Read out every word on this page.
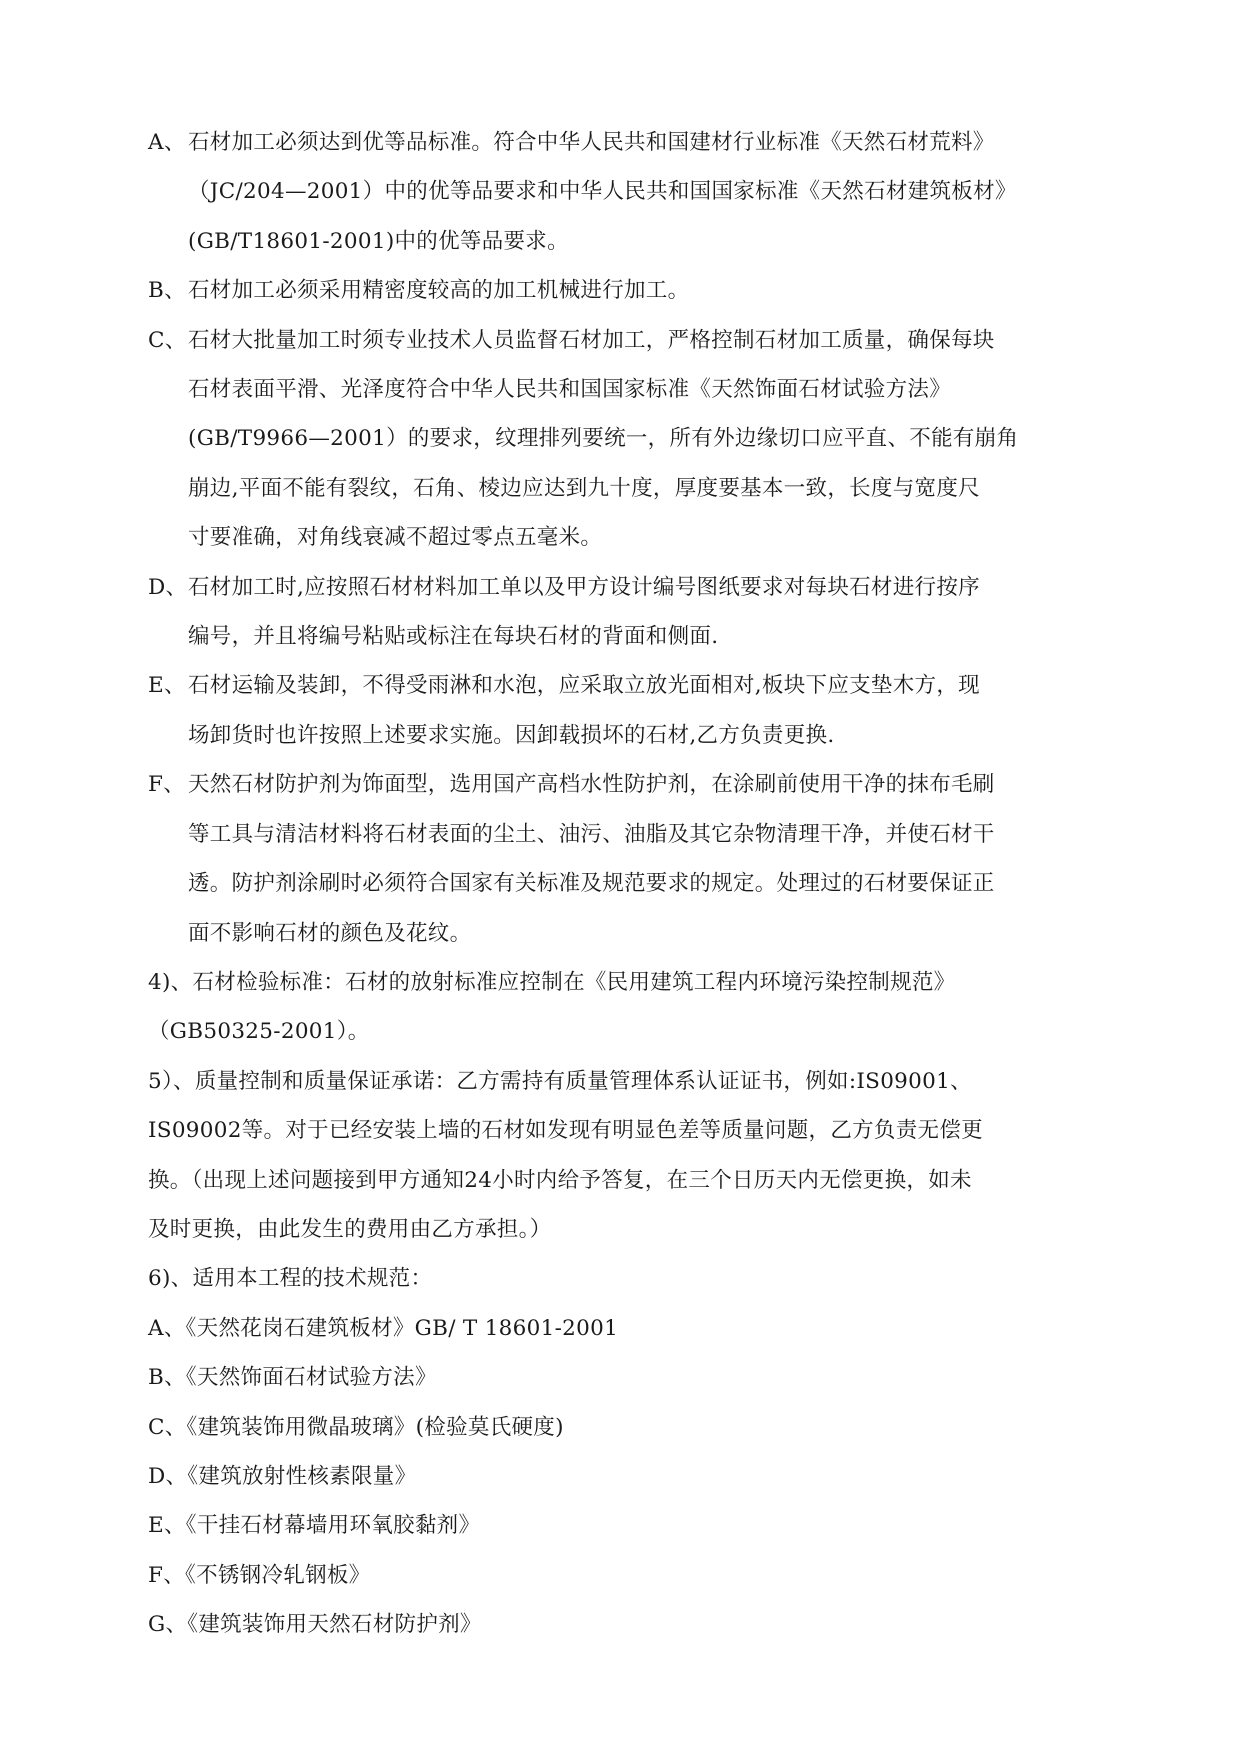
A、 石材加工必须达到优等品标准。符合中华人民共和国建材行业标准《天然石材荒料》
（JC/204—2001）中的优等品要求和中华人民共和国国家标准《天然石材建筑板材》
(GB/T18601-2001)中的优等品要求。
B、 石材加工必须采用精密度较高的加工机械进行加工。
C、 石材大批量加工时须专业技术人员监督石材加工，严格控制石材加工质量，确保每块
石材表面平滑、光泽度符合中华人民共和国国家标准《天然饰面石材试验方法》
(GB/T9966—2001）的要求，纹理排列要统一，所有外边缘切口应平直、不能有崩角
崩边,平面不能有裂纹，石角、棱边应达到九十度，厚度要基本一致，长度与宽度尺
寸要准确，对角线衰减不超过零点五毫米。
D、 石材加工时,应按照石材材料加工单以及甲方设计编号图纸要求对每块石材进行按序
编号，并且将编号粘贴或标注在每块石材的背面和侧面.
E、 石材运输及装卸，不得受雨淋和水泡，应采取立放光面相对,板块下应支垫木方，现
场卸货时也许按照上述要求实施。因卸载损坏的石材,乙方负责更换.
F、 天然石材防护剂为饰面型，选用国产高档水性防护剂，在涂刷前使用干净的抹布毛刷
等工具与清洁材料将石材表面的尘土、油污、油脂及其它杂物清理干净，并使石材干
透。防护剂涂刷时必须符合国家有关标准及规范要求的规定。处理过的石材要保证正
面不影响石材的颜色及花纹。
4)、石材检验标准：石材的放射标准应控制在《民用建筑工程内环境污染控制规范》
（GB50325-2001）。
5）、质量控制和质量保证承诺：乙方需持有质量管理体系认证证书，例如:IS09001、
IS09002等。对于已经安装上墙的石材如发现有明显色差等质量问题，乙方负责无偿更
换。（出现上述问题接到甲方通知24小时内给予答复，在三个日历天内无偿更换，如未
及时更换，由此发生的费用由乙方承担。）
6)、适用本工程的技术规范：
A、《天然花岗石建筑板材》GB/ T 18601-2001
B、《天然饰面石材试验方法》
C、《建筑装饰用微晶玻璃》(检验莫氏硬度)
D、《建筑放射性核素限量》
E、《干挂石材幕墙用环氧胶黏剂》
F、《不锈钢冷轧钢板》
G、《建筑装饰用天然石材防护剂》
